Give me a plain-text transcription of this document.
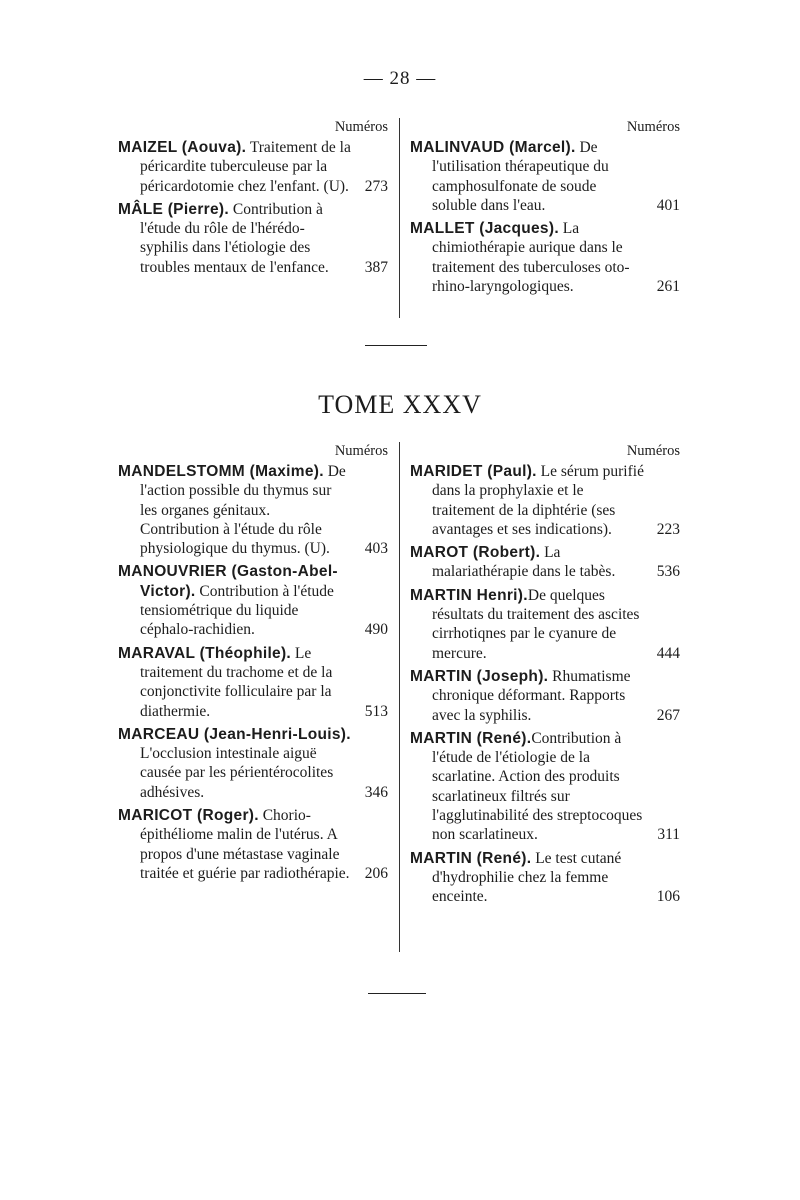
— 28 —
Numéros
MAIZEL (Aouva). Traitement de la péricardite tuberculeuse par la péricardotomie chez l'enfant. (U).	273
MÂLE (Pierre). Contribution à l'étude du rôle de l'hérédo-syphilis dans l'étiologie des troubles mentaux de l'enfance.	387
Numéros
MALINVAUD (Marcel). De l'utilisation thérapeutique du camphosulfonate de soude soluble dans l'eau.	401
MALLET (Jacques). La chimiothérapie aurique dans le traitement des tuberculoses oto-rhino-laryngologiques.	261
TOME XXXV
Numéros
MANDELSTOMM (Maxime). De l'action possible du thymus sur les organes génitaux. Contribution à l'étude du rôle physiologique du thymus. (U).	403
MANOUVRIER (Gaston-Abel-Victor). Contribution à l'étude tensiométrique du liquide céphalo-rachidien.	490
MARAVAL (Théophile). Le traitement du trachome et de la conjonctivite folliculaire par la diathermie.	513
MARCEAU (Jean-Henri-Louis). L'occlusion intestinale aiguë causée par les périentérocolites adhésives.	346
MARICOT (Roger). Chorio-épithéliome malin de l'utérus. A propos d'une métastase vaginale traitée et guérie par radiothérapie. 206
Numéros
MARIDET (Paul). Le sérum purifié dans la prophylaxie et le traitement de la diphtérie (ses avantages et ses indications).	223
MAROT (Robert). La malariathérapie dans le tabès.	536
MARTIN Henri).De quelques résultats du traitement des ascites cirrhotiqnes par le cyanure de mercure.	444
MARTIN (Joseph). Rhumatisme chronique déformant. Rapports avec la syphilis.	267
MARTIN (René).Contribution à l'étude de l'étiologie de la scarlatine. Action des produits scarlatineux filtrés sur l'agglutinabilité des streptocoques non scarlatineux.	311
MARTIN (René). Le test cutané d'hydrophilie chez la femme enceinte.	106
